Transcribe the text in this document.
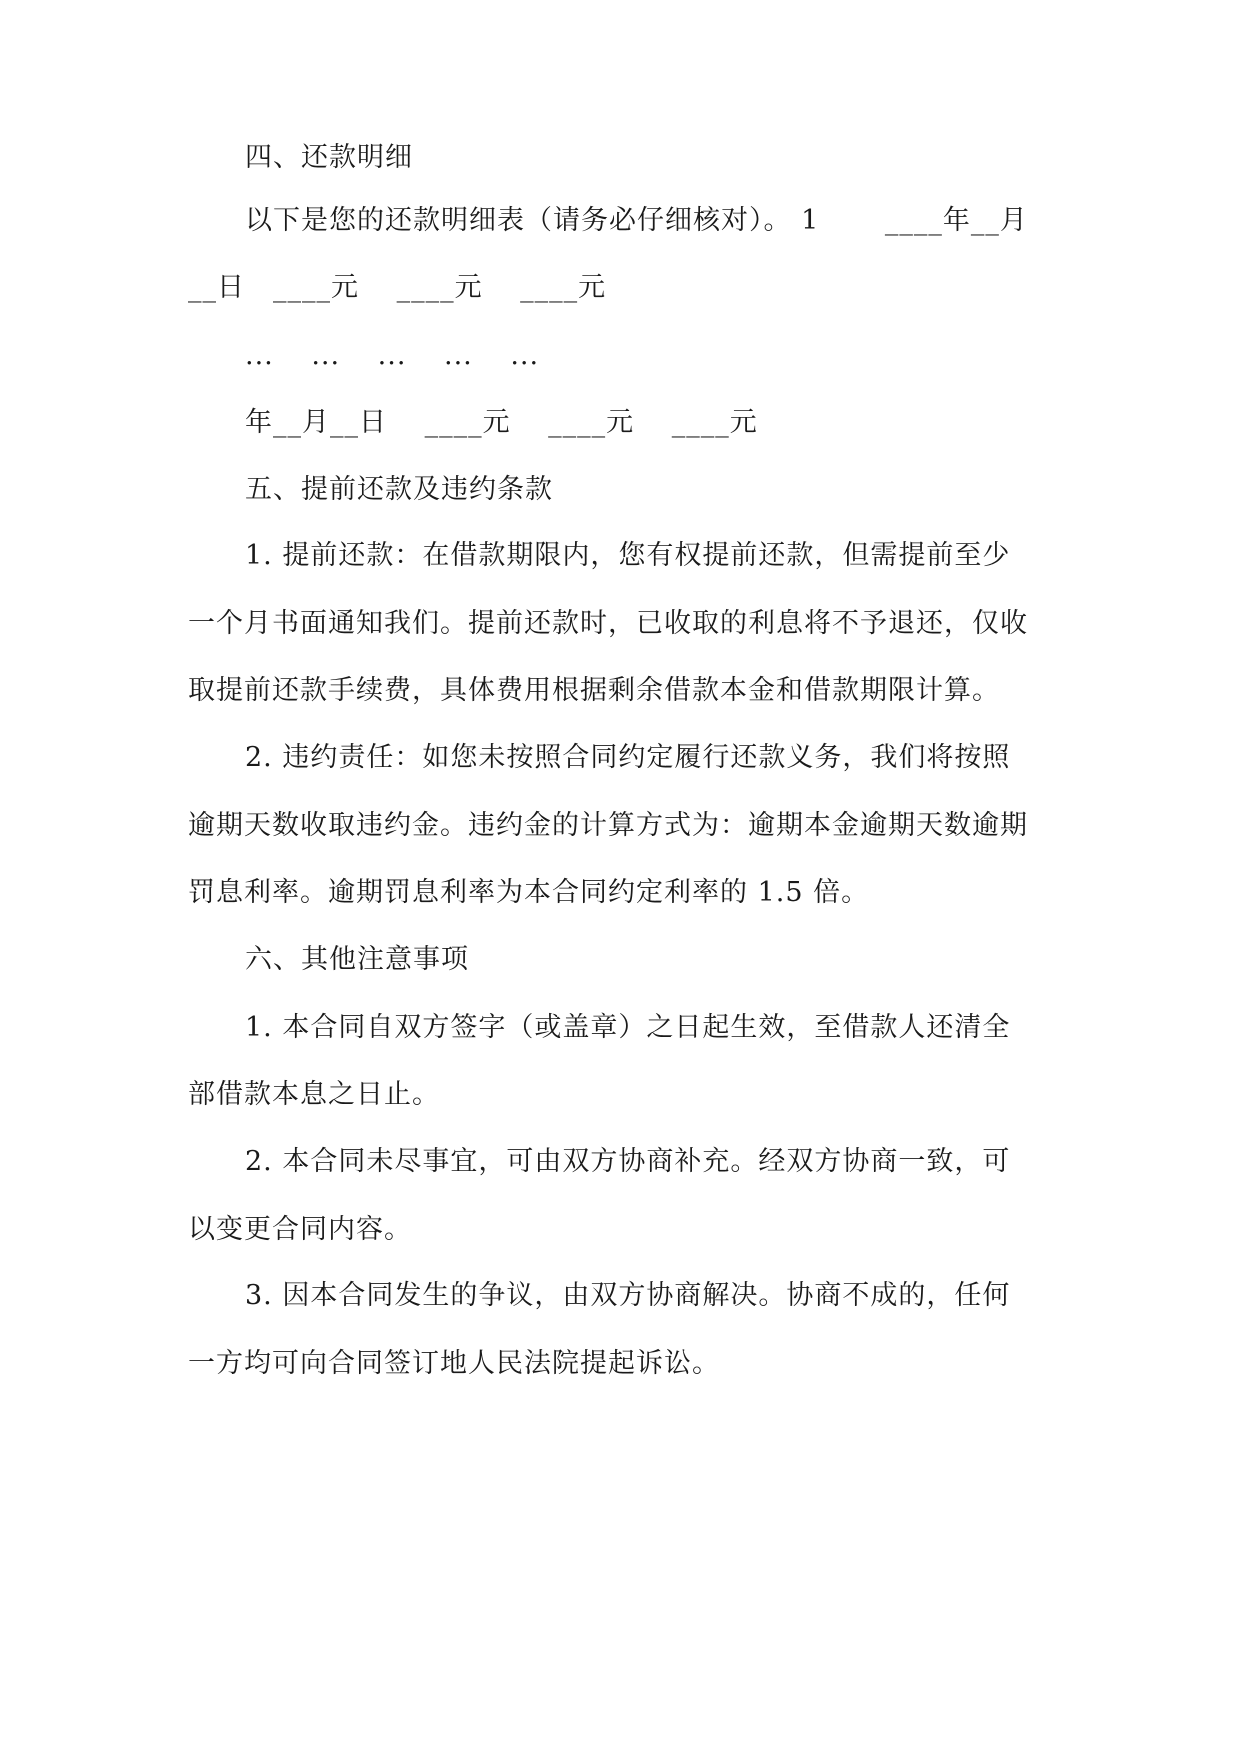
四、还款明细
以下是您的还款明细表（请务必仔细核对）。 1　　 ____年__月
__日　____元　 ____元　 ____元
...　 ...　 ...　 ...　 ...
年__月__日　 ____元　 ____元　 ____元
五、提前还款及违约条款
1. 提前还款：在借款期限内，您有权提前还款，但需提前至少
一个月书面通知我们。提前还款时，已收取的利息将不予退还，仅收
取提前还款手续费，具体费用根据剩余借款本金和借款期限计算。
2. 违约责任：如您未按照合同约定履行还款义务，我们将按照
逾期天数收取违约金。违约金的计算方式为：逾期本金逾期天数逾期
罚息利率。逾期罚息利率为本合同约定利率的 1.5 倍。
六、其他注意事项
1. 本合同自双方签字（或盖章）之日起生效，至借款人还清全
部借款本息之日止。
2. 本合同未尽事宜，可由双方协商补充。经双方协商一致，可
以变更合同内容。
3. 因本合同发生的争议，由双方协商解决。协商不成的，任何
一方均可向合同签订地人民法院提起诉讼。
